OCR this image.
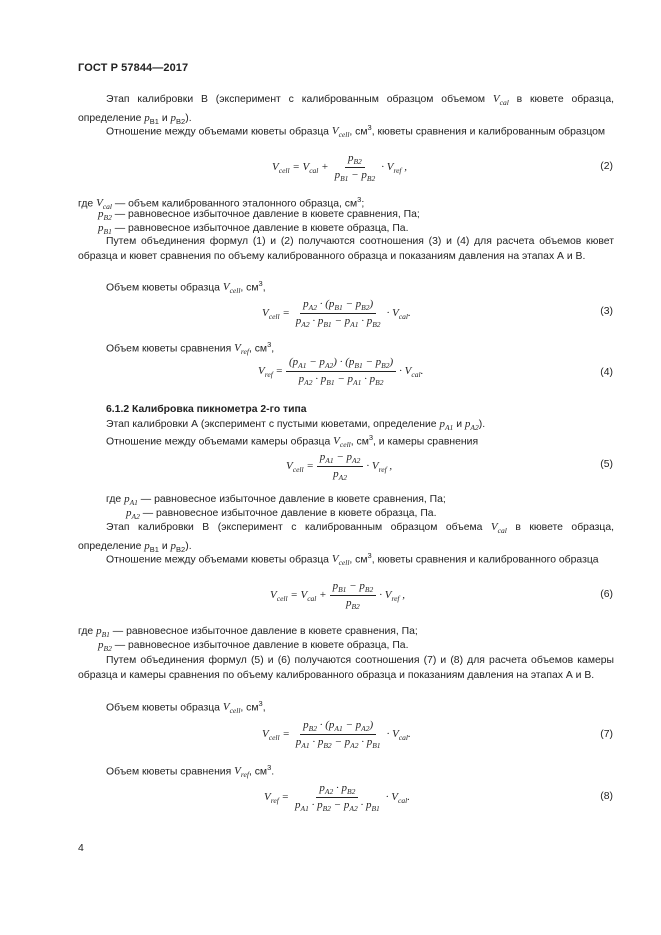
ГОСТ Р 57844—2017
Этап калибровки В (эксперимент с калиброванным образцом объемом $V_{cal}$ в кювете образца, определение $p_{B1}$ и $p_{B2}$).
Отношение между объемами кюветы образца $V_{cell}$, $см^3$, кюветы сравнения и калиброванным образцом
$V_{cell} = V_{cal} + \frac{p_{B2}}{p_{B1} - p_{B2}} \cdot V_{ref}$ ,	(2)
где $V_{cal}$ — объем калиброванного эталонного образца, $см^3$;
$p_{B2}$ — равновесное избыточное давление в кювете сравнения, Па;
$p_{B1}$ — равновесное избыточное давление в кювете образца, Па.
Путем объединения формул (1) и (2) получаются соотношения (3) и (4) для расчета объемов кювет образца и кювет сравнения по объему калиброванного образца и показаниям давления на этапах А и В.
Объем кюветы образца $V_{cell}$, $см^3$,
$V_{cell} = \frac{p_{A2} \cdot (p_{B1} - p_{B2})}{p_{A2} \cdot p_{B1} - p_{A1} \cdot p_{B2}} \cdot V_{cal}$.	(3)
Объем кюветы сравнения $V_{ref}$, $см^3$,
$V_{ref} = \frac{(p_{A1} - p_{A2}) \cdot (p_{B1} - p_{B2})}{p_{A2} \cdot p_{B1} - p_{A1} \cdot p_{B2}} \cdot V_{cal}$.	(4)
6.1.2 Калибровка пикнометра 2-го типа
Этап калибровки А (эксперимент с пустыми кюветами, определение $p_{A1}$ и $p_{A2}$).
Отношение между объемами камеры образца $V_{cell}$, $см^3$, и камеры сравнения
$V_{cell} = \frac{p_{A1} - p_{A2}}{p_{A2}} \cdot V_{ref}$ ,	(5)
где $p_{A1}$ — равновесное избыточное давление в кювете сравнения, Па;
$p_{A2}$ — равновесное избыточное давление в кювете образца, Па.
Этап калибровки В (эксперимент с калиброванным образцом объема $V_{cal}$ в кювете образца, определение $p_{B1}$ и $p_{B2}$).
Отношение между объемами кюветы образца $V_{cell}$, $см^3$, кюветы сравнения и калиброванного образца
$V_{cell} = V_{cal} + \frac{p_{B1} - p_{B2}}{p_{B2}} \cdot V_{ref}$ ,	(6)
где $p_{B1}$ — равновесное избыточное давление в кювете сравнения, Па;
$p_{B2}$ — равновесное избыточное давление в кювете образца, Па.
Путем объединения формул (5) и (6) получаются соотношения (7) и (8) для расчета объемов камеры образца и камеры сравнения по объему калиброванного образца и показаниям давления на этапах А и В.
Объем кюветы образца $V_{cell}$, $см^3$,
$V_{cell} = \frac{p_{B2} \cdot (p_{A1} - p_{A2})}{p_{A1} \cdot p_{B2} - p_{A2} \cdot p_{B1}} \cdot V_{cal}$.	(7)
Объем кюветы сравнения $V_{ref}$, $см^3$.
$V_{ref} = \frac{p_{A2} \cdot p_{B2}}{p_{A1} \cdot p_{B2} - p_{A2} \cdot p_{B1}} \cdot V_{cal}$.	(8)
4
